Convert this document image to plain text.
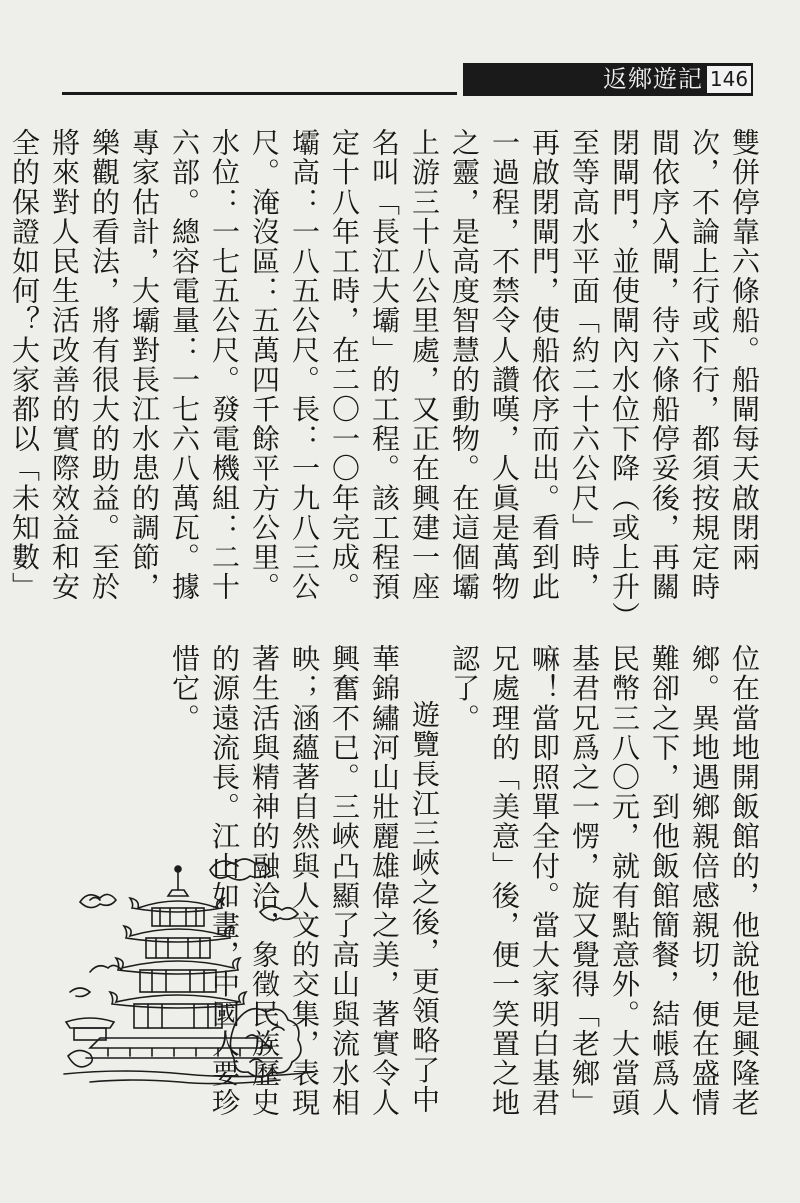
返鄉遊記 146

雙併停靠六條船。船閘每天啟閉兩次，不論上行或下行，都須按規定時間依序入閘，待六條船停妥後，再關閉閘門，並使閘內水位下降（或上升）至等高水平面「約二十六公尺」時，再啟閉閘門，使船依序而出。看到此一過程，不禁令人讚嘆，人眞是萬物之靈，是高度智慧的動物。在這個壩上游三十八公里處，又正在興建一座名叫「長江大壩」的工程。該工程預定十八年工時，在二〇一〇年完成。壩高：一八五公尺。長：一九八三公尺。淹沒區：五萬四千餘平方公里。水位：一七五公尺。發電機組：二十六部。總容電量：一七六八萬瓦。據專家估計，大壩對長江水患的調節，樂觀的看法，將有很大的助益。至於將來對人民生活改善的實際效益和安全的保證如何？大家都以「未知數」

位在當地開飯館的，他說他是興隆老鄉。異地遇鄉親倍感親切，便在盛情難卻之下，到他飯館簡餐，結帳爲人民幣三八〇元，就有點意外。大當頭基君兄爲之一愣，旋又覺得「老鄉」嘛！當即照單全付。當大家明白基君兄處理的「美意」後，便一笑置之地認了。

遊覽長江三峽之後，更領略了中華錦繡河山壯麗雄偉之美，著實令人興奮不已。三峽凸顯了高山與流水相映；涵蘊著自然與人文的交集，表現著生活與精神的融洽，象徵民族歷史的源遠流長。江山如畫，中國人要珍惜它。
